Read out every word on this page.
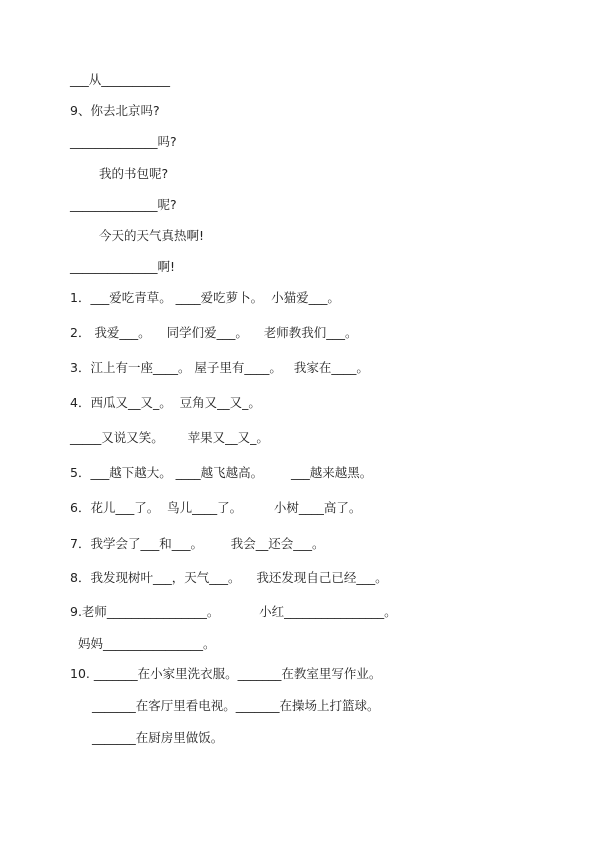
___从___________
9、你去北京吗?
______________吗?
我的书包呢?
______________呢?
今天的天气真热啊!
______________啊!
1．___爱吃青草。 ____爱吃萝卜。  小猫爱___。
2． 我爱___。    同学们爱___。    老师教我们___。
3．江上有一座____。 屋子里有____。   我家在____。
4．西瓜又__又_。  豆角又__又_。
_____又说又笑。      苹果又__又_。
5．___越下越大。 ____越飞越高。       ___越来越黑。
6．花儿___了。  鸟儿____了。        小树____高了。
7．我学会了___和___。       我会__还会___。
8．我发现树叶___，天气___。    我还发现自己已经___。
9.老师________________。          小红________________。
妈妈________________。
10. _______在小家里洗衣服。_______在教室里写作业。
_______在客厅里看电视。_______在操场上打篮球。
_______在厨房里做饭。
